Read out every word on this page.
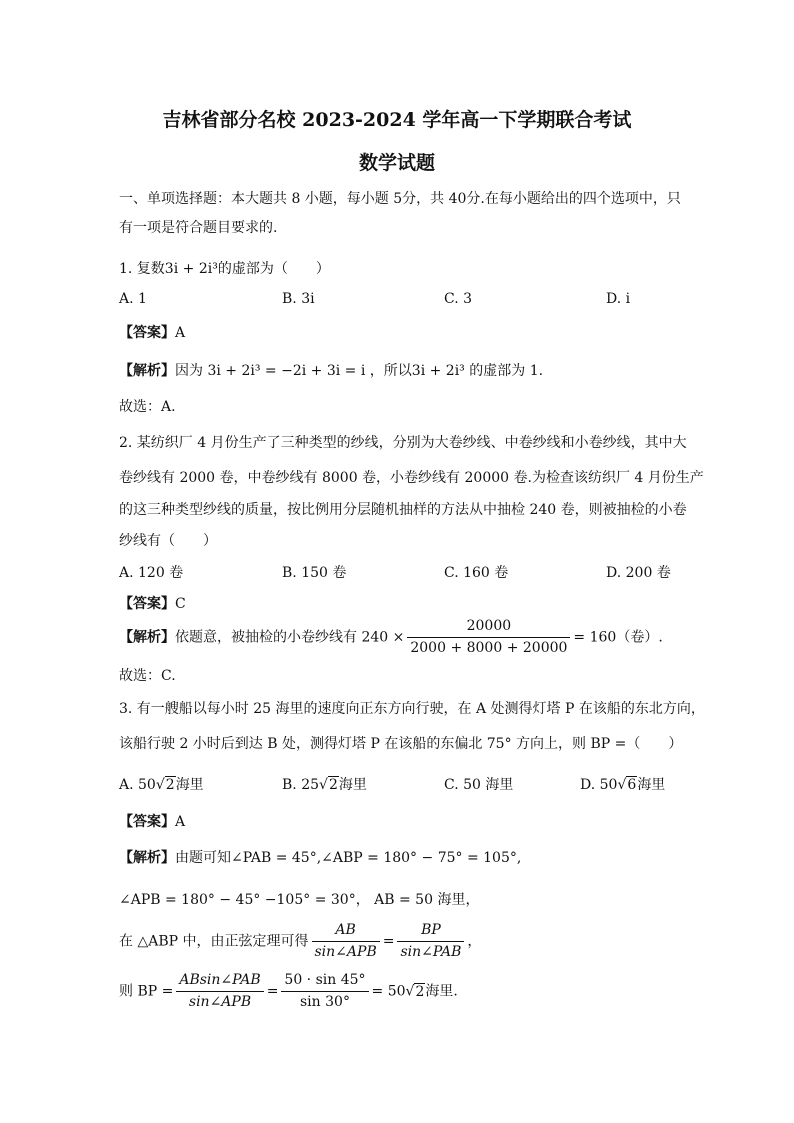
吉林省部分名校 2023-2024 学年高一下学期联合考试
数学试题
一、单项选择题：本大题共 8 小题，每小题 5分，共 40分.在每小题给出的四个选项中，只
有一项是符合题目要求的.
1. 复数3i + 2i³的虚部为（　　）
A. 1	B. 3i	C. 3	D. i
【答案】A
【解析】因为 3i + 2i³ = −2i + 3i = i ，所以3i + 2i³ 的虚部为 1.
故选：A.
2. 某纺织厂 4 月份生产了三种类型的纱线，分别为大卷纱线、中卷纱线和小卷纱线，其中大
卷纱线有 2000 卷，中卷纱线有 8000 卷，小卷纱线有 20000 卷.为检查该纺织厂 4 月份生产
的这三种类型纱线的质量，按比例用分层随机抽样的方法从中抽检 240 卷，则被抽检的小卷
纱线有（　　）
A. 120 卷	B. 150 卷	C. 160 卷	D. 200 卷
【答案】C
【解析】依题意，被抽检的小卷纱线有 $240 \times \frac{20000}{2000 + 8000 + 20000} = 160$（卷）.
故选：C.
3. 有一艘船以每小时 25 海里的速度向正东方向行驶，在 A 处测得灯塔 P 在该船的东北方向，
该船行驶 2 小时后到达 B 处，测得灯塔 P 在该船的东偏北 75° 方向上，则 BP =（　　）
A. 50√2海里	B. 25√2海里	C. 50 海里	D. 50√6海里
【答案】A
【解析】由题可知∠PAB = 45°,∠ABP = 180° − 75° = 105°,
∠APB = 180° − 45° −105° = 30°， AB = 50 海里，
在 △ABP 中，由正弦定理可得 $\frac{AB}{\text{sin∠APB}} = \frac{BP}{\text{sin∠PAB}}$ ，
则 BP = $\frac{\text{ABsin∠PAB}}{\text{sin∠APB}} = \frac{50 \cdot \sin 45^\circ}{\sin 30^\circ} = 50√2$海里.
